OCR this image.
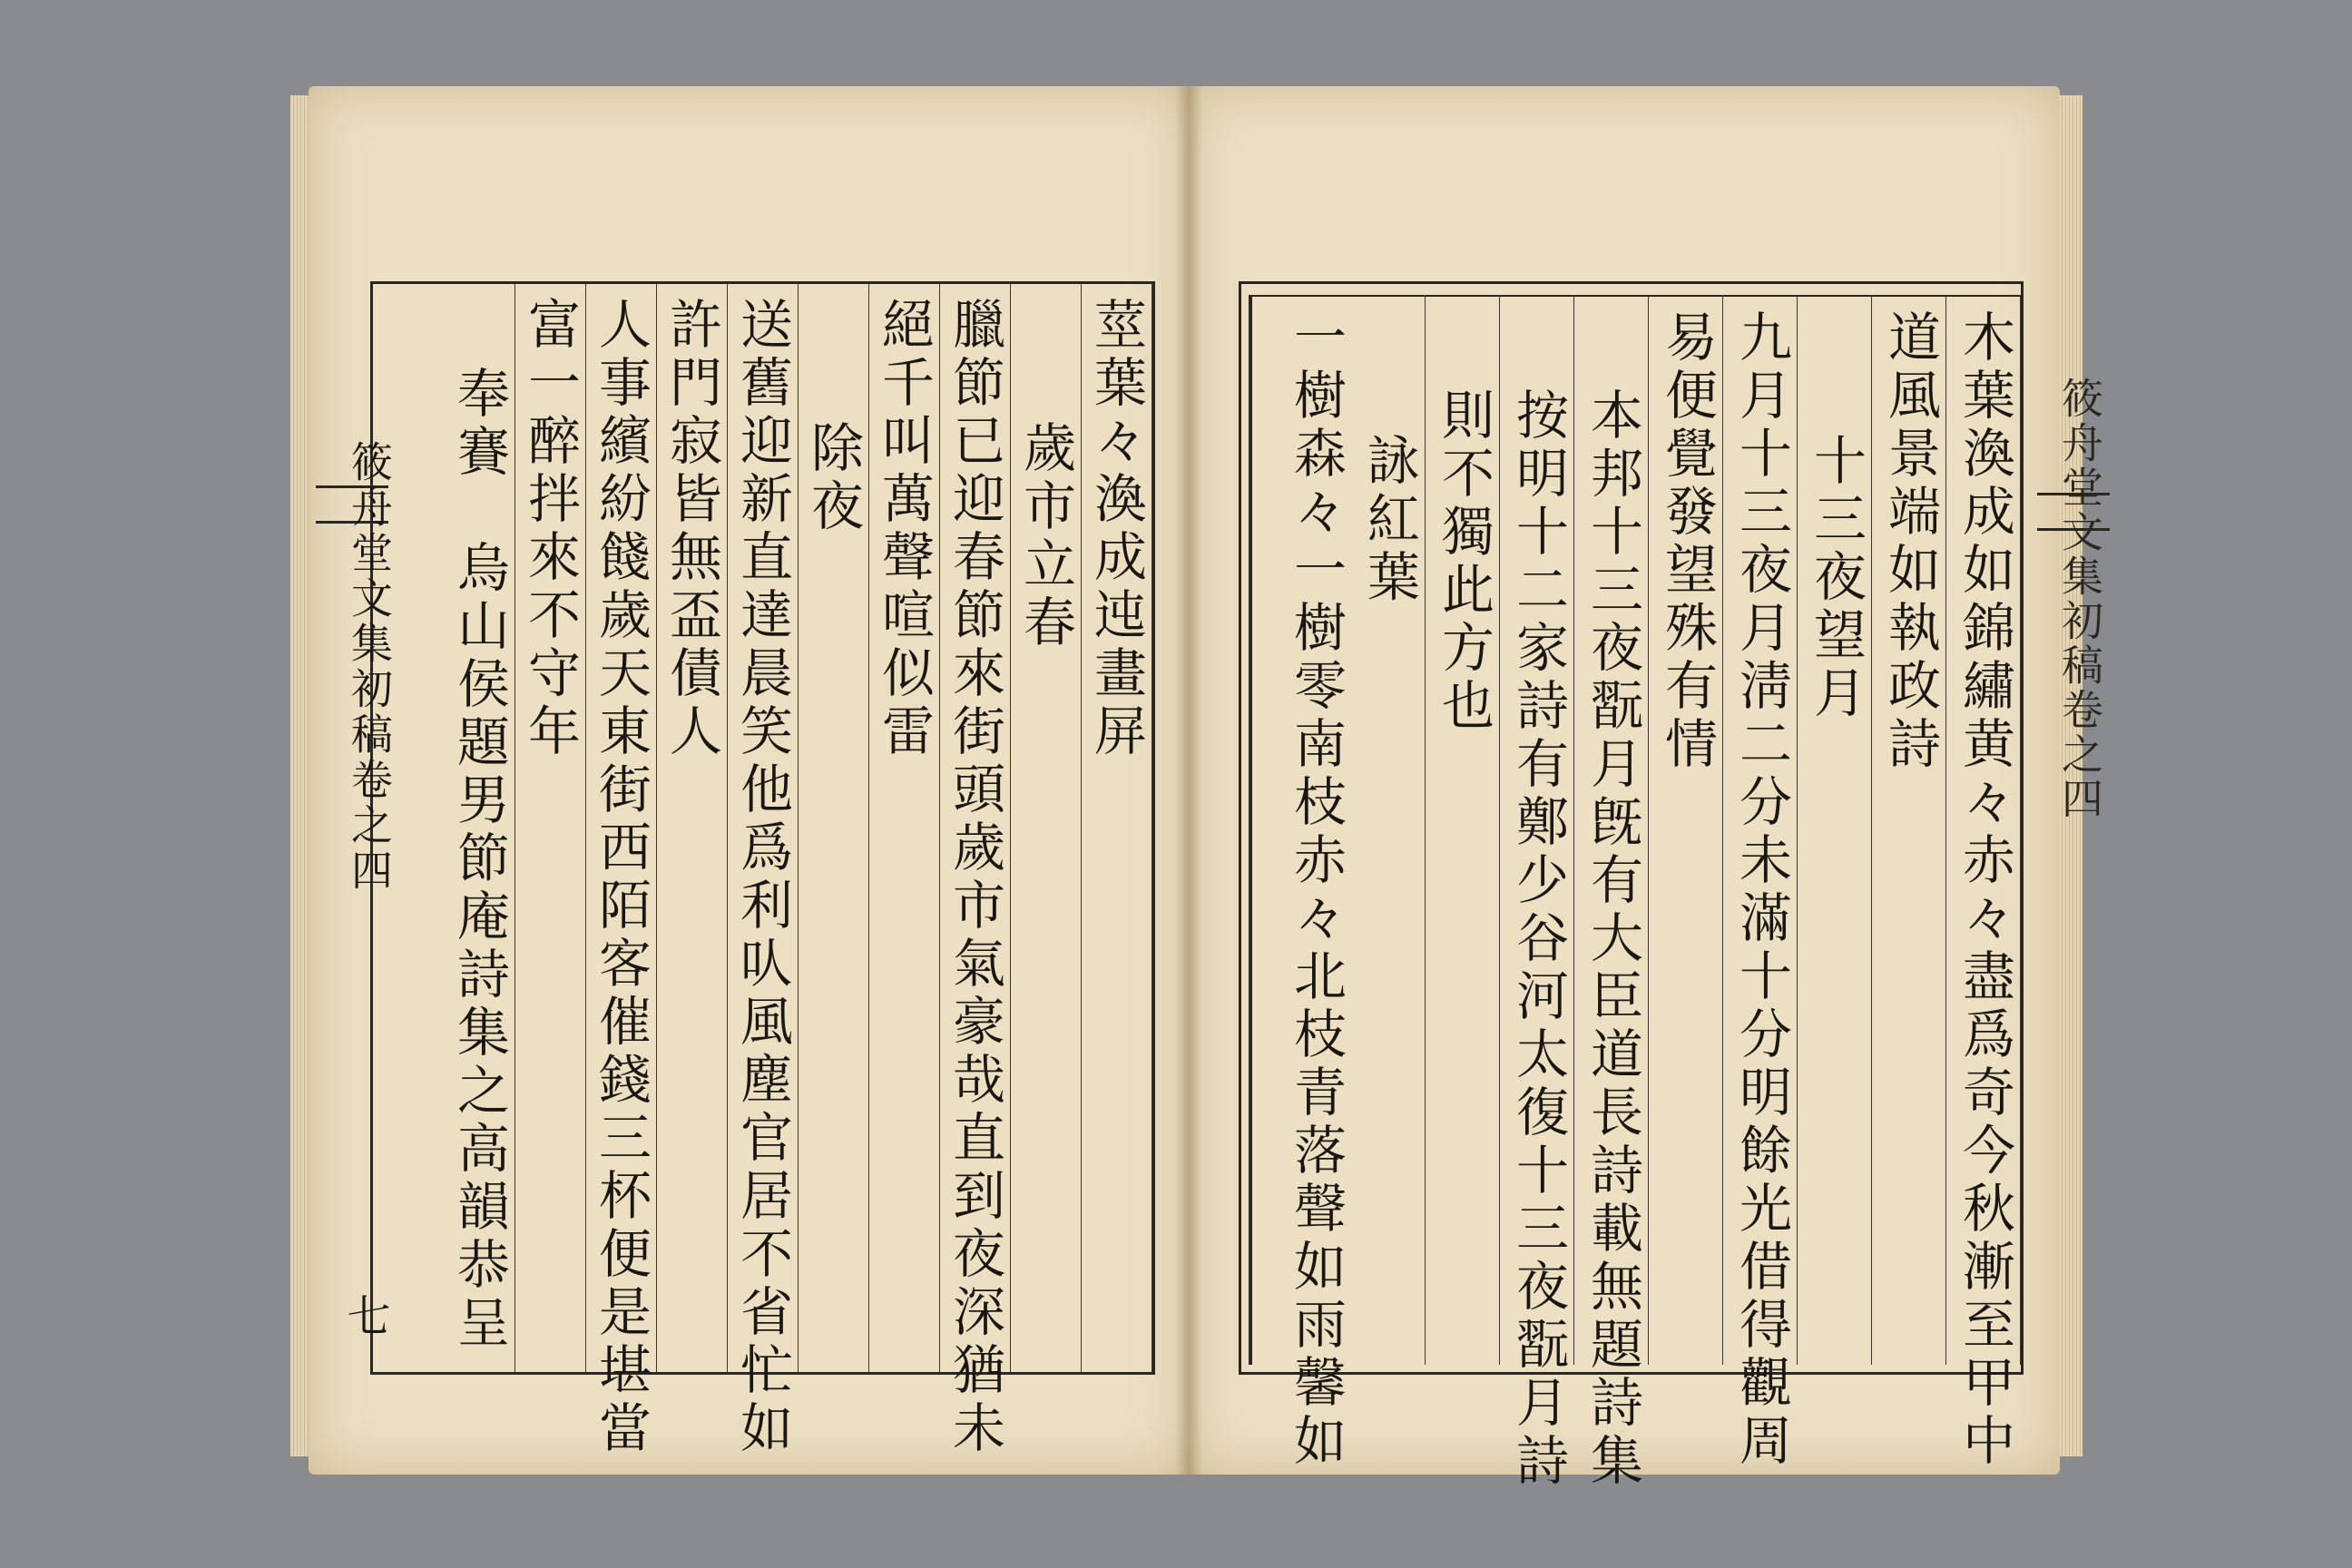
莖葉々渙成迍畫屏
歲市立春
臘節已迎春節來街頭歲市氣豪哉直到夜深猶未
絕千叫萬聲喧似雷
除夜
送舊迎新直達晨笑他爲利㕥風塵官居不省忙如
許門寂皆無盃債人
人事繽紛餞歲天東街西陌客催錢三杯便是堪當
富一醉拌來不守年
奉賽　烏山侯題男節庵詩集之高韻恭呈
筱舟堂文集初稿卷之四
七	木葉渙成如錦繡黄々赤々盡爲奇今秋漸至甲中
道風景端如執政詩
十三夜望月
九月十三夜月淸二分未滿十分明餘光借得觀周
易便覺發望殊有情
本邦十三夜翫月旣有大臣道長詩載無題詩集
按明十二家詩有鄭少谷河太復十三夜翫月詩
則不獨此方也
詠紅葉
一樹森々一樹零南枝赤々北枝青落聲如雨馨如	筱舟堂文集初稿卷之四
